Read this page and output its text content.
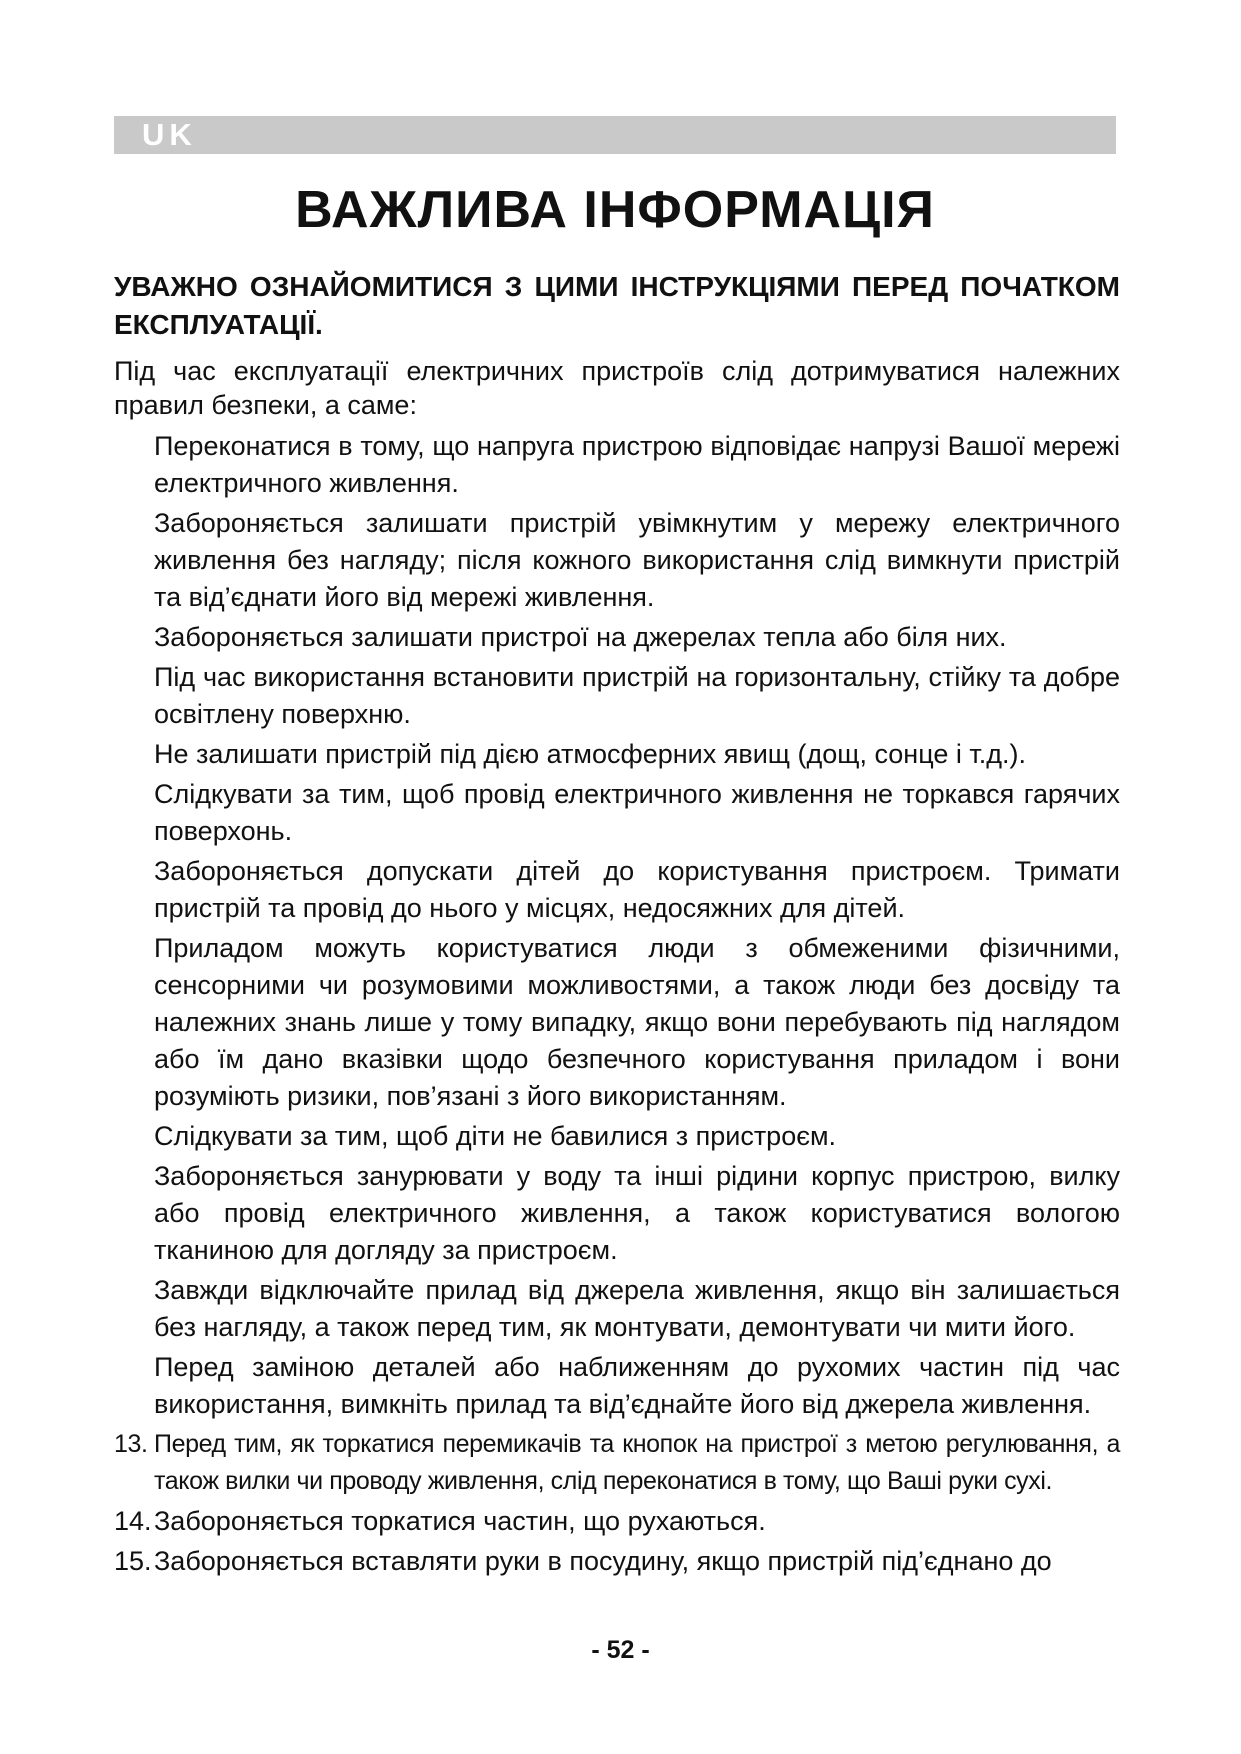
UK
ВАЖЛИВА ІНФОРМАЦІЯ

УВАЖНО ОЗНАЙОМИТИСЯ З ЦИМИ ІНСТРУКЦІЯМИ ПЕРЕД ПОЧАТКОМ ЕКСПЛУАТАЦІЇ.

Під час експлуатації електричних пристроїв слід дотримуватися належних правил безпеки, а саме:

1. Переконатися в тому, що напруга пристрою відповідає напрузі Вашої мережі електричного живлення.
2. Забороняється залишати пристрій увімкнутим у мережу електричного живлення без нагляду; після кожного використання слід вимкнути пристрій та від’єднати його від мережі живлення.
3. Забороняється залишати пристрої на джерелах тепла або біля них.
4. Під час використання встановити пристрій на горизонтальну, стійку та добре освітлену поверхню.
5. Не залишати пристрій під дією атмосферних явищ (дощ, сонце і т.д.).
6. Слідкувати за тим, щоб провід електричного живлення не торкався гарячих поверхонь.
7. Забороняється допускати дітей до користування пристроєм. Тримати пристрій та провід до нього у місцях, недосяжних для дітей.
8. Приладом можуть користуватися люди з обмеженими фізичними, сенсорними чи розумовими можливостями, а також люди без досвіду та належних знань лише у тому випадку, якщо вони перебувають під наглядом або їм дано вказівки щодо безпечного користування приладом і вони розуміють ризики, пов’язані з його використанням.
9. Слідкувати за тим, щоб діти не бавилися з пристроєм.
10. Забороняється занурювати у воду та інші рідини корпус пристрою, вилку або провід електричного живлення, а також користуватися вологою тканиною для догляду за пристроєм.
11. Завжди відключайте прилад від джерела живлення, якщо він залишається без нагляду, а також перед тим, як монтувати, демонтувати чи мити його.
12. Перед заміною деталей або наближенням до рухомих частин під час використання, вимкніть прилад та від’єднайте його від джерела живлення.
13. Перед тим, як торкатися перемикачів та кнопок на пристрої з метою регулювання, а також вилки чи проводу живлення, слід переконатися в тому, що Ваші руки сухі.
14. Забороняється торкатися частин, що рухаються.
15. Забороняється вставляти руки в посудину, якщо пристрій під’єднано до
- 52 -
